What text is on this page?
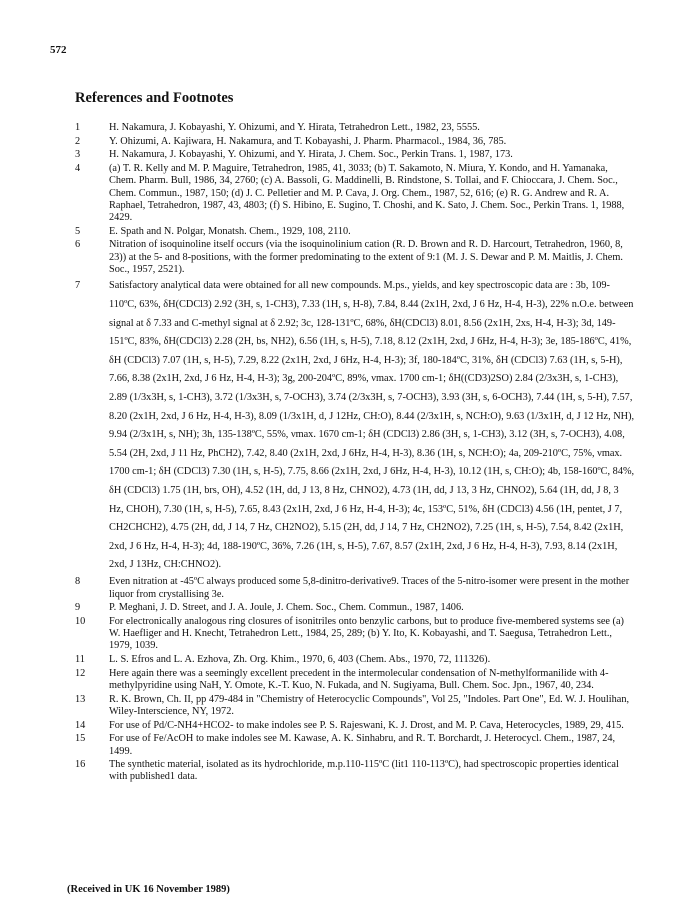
572
References and Footnotes
1	H. Nakamura, J. Kobayashi, Y. Ohizumi, and Y. Hirata, Tetrahedron Lett., 1982, 23, 5555.
2	Y. Ohizumi, A. Kajiwara, H. Nakamura, and T. Kobayashi, J. Pharm. Pharmacol., 1984, 36, 785.
3	H. Nakamura, J. Kobayashi, Y. Ohizumi, and Y. Hirata, J. Chem. Soc., Perkin Trans. 1, 1987, 173.
4	(a) T. R. Kelly and M. P. Maguire, Tetrahedron, 1985, 41, 3033; (b) T. Sakamoto, N. Miura, Y. Kondo, and H. Yamanaka, Chem. Pharm. Bull, 1986, 34, 2760; (c) A. Bassoli, G. Maddinelli, B. Rindstone, S. Tollai, and F. Chioccara, J. Chem. Soc., Chem. Commun., 1987, 150; (d) J. C. Pelletier and M. P. Cava, J. Org. Chem., 1987, 52, 616; (e) R. G. Andrew and R. A. Raphael, Tetrahedron, 1987, 43, 4803; (f) S. Hibino, E. Sugino, T. Choshi, and K. Sato, J. Chem. Soc., Perkin Trans. 1, 1988, 2429.
5	E. Spath and N. Polgar, Monatsh. Chem., 1929, 108, 2110.
6	Nitration of isoquinoline itself occurs (via the isoquinolinium cation (R. D. Brown and R. D. Harcourt, Tetrahedron, 1960, 8, 23)) at the 5- and 8-positions, with the former predominating to the extent of 9:1 (M. J. S. Dewar and P. M. Maitlis, J. Chem. Soc., 1957, 2521).
7	Satisfactory analytical data were obtained for all new compounds. M.ps., yields, and key spectroscopic data are : 3b, 109-110ºC, 63%, δH(CDCl3) 2.92 (3H, s, 1-CH3), 7.33 (1H, s, H-8), 7.84, 8.44 (2x1H, 2xd, J 6 Hz, H-4, H-3), 22% n.O.e. between signal at δ 7.33 and C-methyl signal at δ 2.92; 3c, 128-131ºC, 68%, δH(CDCl3) 8.01, 8.56 (2x1H, 2xs, H-4, H-3); 3d, 149-151ºC, 83%, δH(CDCl3) 2.28 (2H, bs, NH2), 6.56 (1H, s, H-5), 7.18, 8.12 (2x1H, 2xd, J 6Hz, H-4, H-3); 3e, 185-186ºC, 41%, δH (CDCl3) 7.07 (1H, s, H-5), 7.29, 8.22 (2x1H, 2xd, J 6Hz, H-4, H-3); 3f, 180-184ºC, 31%, δH (CDCl3) 7.63 (1H, s, 5-H), 7.66, 8.38 (2x1H, 2xd, J 6 Hz, H-4, H-3); 3g, 200-204ºC, 89%, νmax. 1700 cm-1; δH((CD3)2SO) 2.84 (2/3x3H, s, 1-CH3), 2.89 (1/3x3H, s, 1-CH3), 3.72 (1/3x3H, s, 7-OCH3), 3.74 (2/3x3H, s, 7-OCH3), 3.93 (3H, s, 6-OCH3), 7.44 (1H, s, 5-H), 7.57, 8.20 (2x1H, 2xd, J 6 Hz, H-4, H-3), 8.09 (1/3x1H, d, J 12Hz, CH:O), 8.44 (2/3x1H, s, NCH:O), 9.63 (1/3x1H, d, J 12 Hz, NH), 9.94 (2/3x1H, s, NH); 3h, 135-138ºC, 55%, νmax. 1670 cm-1; δH (CDCl3) 2.86 (3H, s, 1-CH3), 3.12 (3H, s, 7-OCH3), 4.08, 5.54 (2H, 2xd, J 11 Hz, PhCH2), 7.42, 8.40 (2x1H, 2xd, J 6Hz, H-4, H-3), 8.36 (1H, s, NCH:O); 4a, 209-210ºC, 75%, νmax. 1700 cm-1; δH (CDCl3) 7.30 (1H, s, H-5), 7.75, 8.66 (2x1H, 2xd, J 6Hz, H-4, H-3), 10.12 (1H, s, CH:O); 4b, 158-160ºC, 84%, δH (CDCl3) 1.75 (1H, brs, OH), 4.52 (1H, dd, J 13, 8 Hz, CHNO2), 4.73 (1H, dd, J 13, 3 Hz, CHNO2), 5.64 (1H, dd, J 8, 3 Hz, CHOH), 7.30 (1H, s, H-5), 7.65, 8.43 (2x1H, 2xd, J 6 Hz, H-4, H-3); 4c, 153ºC, 51%, δH (CDCl3) 4.56 (1H, pentet, J 7, CH2CHCH2), 4.75 (2H, dd, J 14, 7 Hz, CH2NO2), 5.15 (2H, dd, J 14, 7 Hz, CH2NO2), 7.25 (1H, s, H-5), 7.54, 8.42 (2x1H, 2xd, J 6 Hz, H-4, H-3); 4d, 188-190ºC, 36%, 7.26 (1H, s, H-5), 7.67, 8.57 (2x1H, 2xd, J 6 Hz, H-4, H-3), 7.93, 8.14 (2x1H, 2xd, J 13Hz, CH:CHNO2).
8	Even nitration at -45ºC always produced some 5,8-dinitro-derivative9. Traces of the 5-nitro-isomer were present in the mother liquor from crystallising 3e.
9	P. Meghani, J. D. Street, and J. A. Joule, J. Chem. Soc., Chem. Commun., 1987, 1406.
10	For electronically analogous ring closures of isonitriles onto benzylic carbons, but to produce five-membered systems see (a) W. Haefliger and H. Knecht, Tetrahedron Lett., 1984, 25, 289; (b) Y. Ito, K. Kobayashi, and T. Saegusa, Tetrahedron Lett., 1979, 1039.
11	L. S. Efros and L. A. Ezhova, Zh. Org. Khim., 1970, 6, 403 (Chem. Abs., 1970, 72, 111326).
12	Here again there was a seemingly excellent precedent in the intermolecular condensation of N-methylformanilide with 4-methylpyridine using NaH, Y. Omote, K.-T. Kuo, N. Fukada, and N. Sugiyama, Bull. Chem. Soc. Jpn., 1967, 40, 234.
13	R. K. Brown, Ch. II, pp 479-484 in "Chemistry of Heterocyclic Compounds", Vol 25, "Indoles. Part One", Ed. W. J. Houlihan, Wiley-Interscience, NY, 1972.
14	For use of Pd/C-NH4+HCO2- to make indoles see P. S. Rajeswani, K. J. Drost, and M. P. Cava, Heterocycles, 1989, 29, 415.
15	For use of Fe/AcOH to make indoles see M. Kawase, A. K. Sinhabru, and R. T. Borchardt, J. Heterocycl. Chem., 1987, 24, 1499.
16	The synthetic material, isolated as its hydrochloride, m.p.110-115ºC (lit1 110-113ºC), had spectroscopic properties identical with published1 data.
(Received in UK 16 November 1989)
